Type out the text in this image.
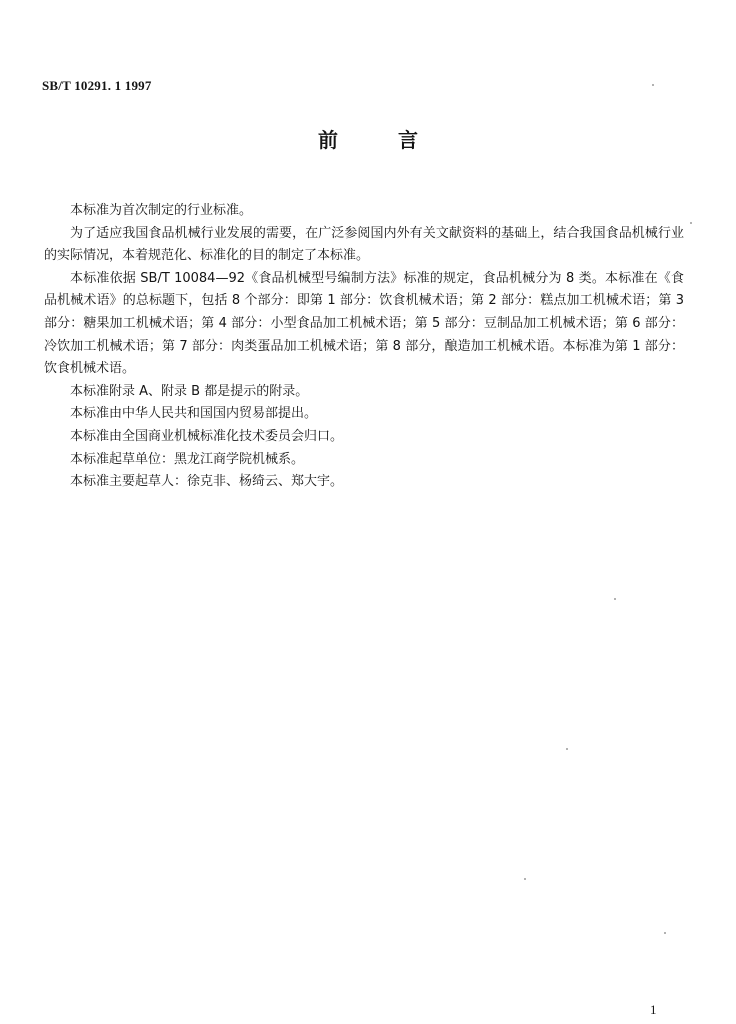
SB/T 10291. 1 1997
前言

本标准为首次制定的行业标准。

为了适应我国食品机械行业发展的需要，在广泛参阅国内外有关文献资料的基础上，结合我国食品机械行业的实际情况，本着规范化、标准化的目的制定了本标准。

本标准依据 SB/T 10084—92《食品机械型号编制方法》标准的规定，食品机械分为 8 类。本标准在《食品机械术语》的总标题下，包括 8 个部分：即第 1 部分：饮食机械术语；第 2 部分：糕点加工机械术语；第 3 部分：糖果加工机械术语；第 4 部分：小型食品加工机械术语；第 5 部分：豆制品加工机械术语；第 6 部分：冷饮加工机械术语；第 7 部分：肉类蛋品加工机械术语；第 8 部分，酿造加工机械术语。本标准为第 1 部分：饮食机械术语。

本标准附录 A、附录 B 都是提示的附录。

本标准由中华人民共和国国内贸易部提出。

本标准由全国商业机械标准化技术委员会归口。

本标准起草单位：黑龙江商学院机械系。

本标准主要起草人：徐克非、杨绮云、郑大宇。

1
